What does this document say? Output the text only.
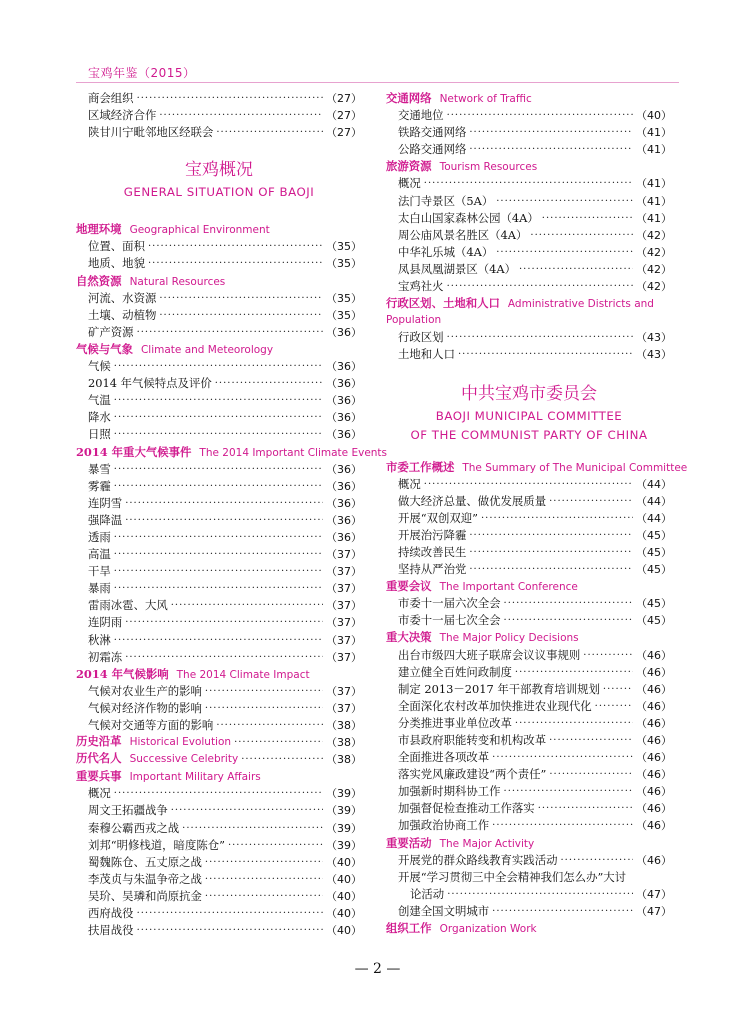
宝鸡年鉴（2015）
商会组织 ·····	（27）
区域经济合作 ·····	（27）
陕甘川宁毗邻地区经联会 ·····	（27）
宝鸡概况
GENERAL SITUATION OF BAOJI
地理环境 Geographical Environment
位置、面积 ·····	（35）
地质、地貌 ·····	（35）
自然资源 Natural Resources
河流、水资源 ·····	（35）
土壤、动植物 ·····	（35）
矿产资源 ·····	（36）
气候与气象 Climate and Meteorology
气候 ·····	（36）
2014 年气候特点及评价 ·····	（36）
气温 ·····	（36）
降水 ·····	（36）
日照 ·····	（36）
2014 年重大气候事件 The 2014 Important Climate Events
暴雪 ·····	（36）
雾霾 ·····	（36）
连阴雪 ·····	（36）
强降温 ·····	（36）
透雨 ·····	（36）
高温 ·····	（37）
干旱 ·····	（37）
暴雨 ·····	（37）
雷雨冰雹、大风 ·····	（37）
连阴雨 ·····	（37）
秋淋 ·····	（37）
初霜冻 ·····	（37）
2014 年气候影响 The 2014 Climate Impact
气候对农业生产的影响 ·····	（37）
气候对经济作物的影响 ·····	（37）
气候对交通等方面的影响 ·····	（38）
历史沿革 Historical Evolution ·····	（38）
历代名人 Successive Celebrity ·····	（38）
重要兵事 Important Military Affairs
概况 ·····	（39）
周文王拓疆战争 ·····	（39）
秦穆公霸西戎之战 ·····	（39）
刘邦“明修栈道，暗度陈仓” ·····	（39）
蜀魏陈仓、五丈原之战 ·····	（40）
李茂贞与朱温争帝之战 ·····	（40）
吴玠、吴璘和尚原抗金 ·····	（40）
西府战役 ·····	（40）
扶眉战役 ·····	（40）
交通网络 Network of Traffic
交通地位 ·····	（40）
铁路交通网络 ·····	（41）
公路交通网络 ·····	（41）
旅游资源 Tourism Resources
概况 ·····	（41）
法门寺景区（5A） ·····	（41）
太白山国家森林公园（4A） ·····	（41）
周公庙风景名胜区（4A） ·····	（42）
中华礼乐城（4A） ·····	（42）
凤县凤凰湖景区（4A） ·····	（42）
宝鸡社火 ·····	（42）
行政区划、土地和人口 Administrative Districts and
Population
行政区划 ·····	（43）
土地和人口 ·····	（43）
中共宝鸡市委员会
BAOJI MUNICIPAL COMMITTEE
OF THE COMMUNIST PARTY OF CHINA
市委工作概述 The Summary of The Municipal Committee
概况 ·····	（44）
做大经济总量、做优发展质量 ·····	（44）
开展“双创双迎” ·····	（44）
开展治污降霾 ·····	（45）
持续改善民生 ·····	（45）
坚持从严治党 ·····	（45）
重要会议 The Important Conference
市委十一届六次全会 ·····	（45）
市委十一届七次全会 ·····	（45）
重大决策 The Major Policy Decisions
出台市级四大班子联席会议议事规则 ·····	（46）
建立健全百姓问政制度 ·····	（46）
制定 2013－2017 年干部教育培训规划 ·····	（46）
全面深化农村改革加快推进农业现代化 ·····	（46）
分类推进事业单位改革 ·····	（46）
市县政府职能转变和机构改革 ·····	（46）
全面推进各项改革 ·····	（46）
落实党风廉政建设“两个责任” ·····	（46）
加强新时期科协工作 ·····	（46）
加强督促检查推动工作落实 ·····	（46）
加强政治协商工作 ·····	（46）
重要活动 The Major Activity
开展党的群众路线教育实践活动 ·····	（46）
开展“学习贯彻三中全会精神我们怎么办”大讨
论活动 ·····	（47）
创建全国文明城市 ·····	（47）
组织工作 Organization Work
— 2 —
